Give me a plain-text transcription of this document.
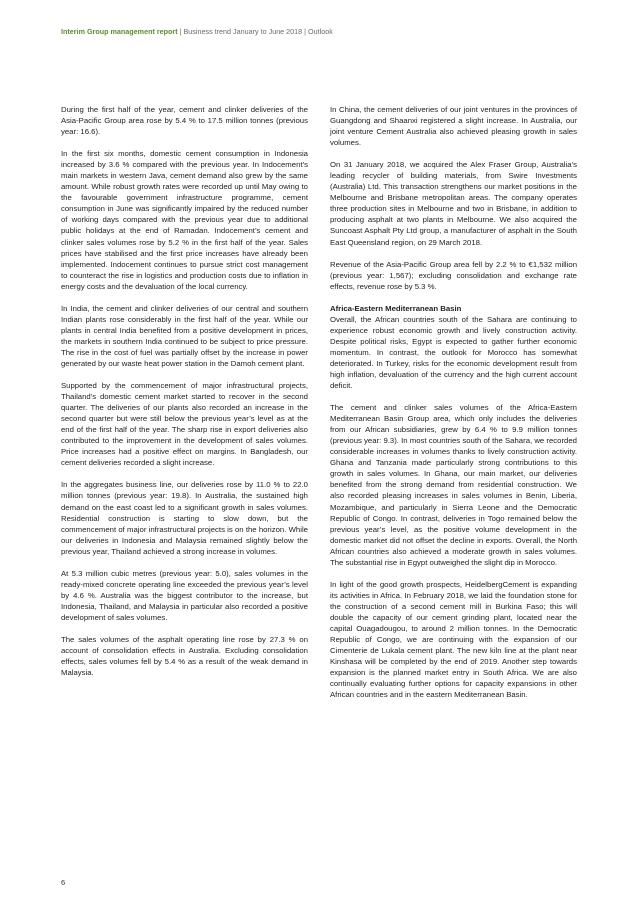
Interim Group management report | Business trend January to June 2018 | Outlook

During the first half of the year, cement and clinker deliveries of the Asia-Pacific Group area rose by 5.4 % to 17.5 million tonnes (previous year: 16.6).

In the first six months, domestic cement consumption in Indonesia increased by 3.6 % compared with the previous year. In Indocement’s main markets in western Java, cement demand also grew by the same amount. While robust growth rates were recorded up until May owing to the favourable government infrastructure programme, cement consumption in June was significantly impaired by the reduced number of working days compared with the previous year due to additional public holidays at the end of Ramadan. Indocement’s cement and clinker sales volumes rose by 5.2 % in the first half of the year. Sales prices have stabilised and the first price increases have already been implemented. Indocement continues to pursue strict cost management to counteract the rise in logistics and production costs due to inflation in energy costs and the devaluation of the local currency.

In India, the cement and clinker deliveries of our central and southern Indian plants rose considerably in the first half of the year. While our plants in central India benefited from a positive development in prices, the markets in southern India continued to be subject to price pressure. The rise in the cost of fuel was partially offset by the increase in power generated by our waste heat power station in the Damoh cement plant.

Supported by the commencement of major infrastructural projects, Thailand’s domestic cement market started to recover in the second quarter. The deliveries of our plants also recorded an increase in the second quarter but were still below the previous year’s level as at the end of the first half of the year. The sharp rise in export deliveries also contributed to the improvement in the development of sales volumes. Price increases had a positive effect on margins. In Bangladesh, our cement deliveries recorded a slight increase.

In the aggregates business line, our deliveries rose by 11.0 % to 22.0 million tonnes (previous year: 19.8). In Australia, the sustained high demand on the east coast led to a significant growth in sales volumes. Residential construction is starting to slow down, but the commencement of major infrastructural projects is on the horizon. While our deliveries in Indonesia and Malaysia remained slightly below the previous year, Thailand achieved a strong increase in volumes.

At 5.3 million cubic metres (previous year: 5.0), sales volumes in the ready-mixed concrete operating line exceeded the previous year’s level by 4.6 %. Australia was the biggest contributor to the increase, but Indonesia, Thailand, and Malaysia in particular also recorded a positive development of sales volumes.

The sales volumes of the asphalt operating line rose by 27.3 % on account of consolidation effects in Australia. Excluding consolidation effects, sales volumes fell by 5.4 % as a result of the weak demand in Malaysia.

In China, the cement deliveries of our joint ventures in the provinces of Guangdong and Shaanxi registered a slight increase. In Australia, our joint venture Cement Australia also achieved pleasing growth in sales volumes.

On 31 January 2018, we acquired the Alex Fraser Group, Australia’s leading recycler of building materials, from Swire Investments (Australia) Ltd. This transaction strengthens our market positions in the Melbourne and Brisbane metropolitan areas. The company operates three production sites in Melbourne and two in Brisbane, in addition to producing asphalt at two plants in Melbourne. We also acquired the Suncoast Asphalt Pty Ltd group, a manufacturer of asphalt in the South East Queensland region, on 29 March 2018.

Revenue of the Asia-Pacific Group area fell by 2.2 % to €1,532 million (previous year: 1,567); excluding consolidation and exchange rate effects, revenue rose by 5.3 %.

Africa-Eastern Mediterranean Basin

Overall, the African countries south of the Sahara are continuing to experience robust economic growth and lively construction activity. Despite political risks, Egypt is expected to gather further economic momentum. In contrast, the outlook for Morocco has somewhat deteriorated. In Turkey, risks for the economic development result from high inflation, devaluation of the currency and the high current account deficit.

The cement and clinker sales volumes of the Africa-Eastern Mediterranean Basin Group area, which only includes the deliveries from our African subsidiaries, grew by 6.4 % to 9.9 million tonnes (previous year: 9.3). In most countries south of the Sahara, we recorded considerable increases in volumes thanks to lively construction activity. Ghana and Tanzania made particularly strong contributions to this growth in sales volumes. In Ghana, our main market, our deliveries benefited from the strong demand from residential construction. We also recorded pleasing increases in sales volumes in Benin, Liberia, Mozambique, and particularly in Sierra Leone and the Democratic Republic of Congo. In contrast, deliveries in Togo remained below the previous year’s level, as the positive volume development in the domestic market did not offset the decline in exports. Overall, the North African countries also achieved a moderate growth in sales volumes. The substantial rise in Egypt outweighed the slight dip in Morocco.

In light of the good growth prospects, HeidelbergCement is expanding its activities in Africa. In February 2018, we laid the foundation stone for the construction of a second cement mill in Burkina Faso; this will double the capacity of our cement grinding plant, located near the capital Ouagadougou, to around 2 million tonnes. In the Democratic Republic of Congo, we are continuing with the expansion of our Cimenterie de Lukala cement plant. The new kiln line at the plant near Kinshasa will be completed by the end of 2019. Another step towards expansion is the planned market entry in South Africa. We are also continually evaluating further options for capacity expansions in other African countries and in the eastern Mediterranean Basin.

6
